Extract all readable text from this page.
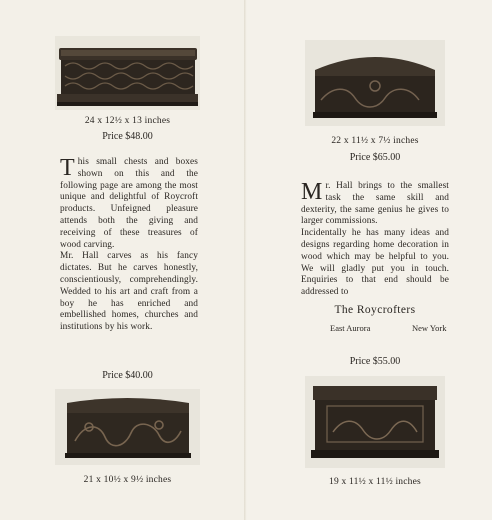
24 x 12½ x 13 inches
Price $48.00

This small chests and boxes shown on this and the following page are among the most unique and delightful of Roycroft products. Unfeigned pleasure attends both the giving and receiving of these treasures of wood carving.

Mr. Hall carves as his fancy dictates. But he carves honestly, conscientiously, comprehendingly. Wedded to his art and craft from a boy he has enriched and embellished homes, churches and institutions by his work.

Price $40.00
21 x 10½ x 9½ inches
22 x 11½ x 7½ inches
Price $65.00

Mr. Hall brings to the smallest task the same skill and dexterity, the same genius he gives to larger commissions.

Incidentally he has many ideas and designs regarding home decoration in wood which may be helpful to you. We will gladly put you in touch. Enquiries to that end should be addressed to

The Roycrofters
East Aurora	New York
Price $55.00
19 x 11½ x 11½ inches
